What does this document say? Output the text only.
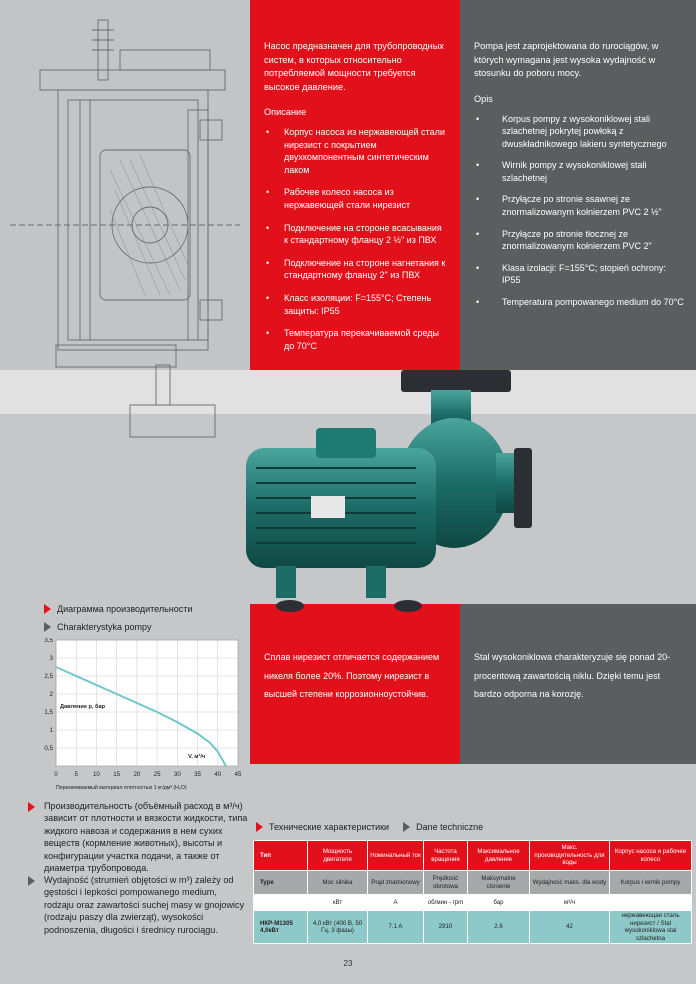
Насос предназначен для трубопроводных систем, в которых относительно потребляемой мощности требуется высокое давление.

Описание

• Корпус насоса из нержавеющей стали нирезист с покрытием двухкомпонентным синтетическим лаком
• Рабочее колесо насоса из нержавеющей стали нирезист
• Подключение на стороне всасывания к стандартному фланцу 2 ½" из ПВХ
• Подключение на стороне нагнетания к стандартному фланцу 2" из ПВХ
• Класс изоляции: F=155°C; Степень защиты: IP55
• Температура перекачиваемой среды до 70°C

Pompa jest zaprojektowana do rurociągów, w których wymagana jest wysoka wydajność w stosunku do poboru mocy.

Opis

• Korpus pompy z wysokoniklowej stali szlachetnej pokrytej powłoką z dwuskładnikowego lakieru syntetycznego
• Wirnik pompy z wysokoniklowej stali szlachetnej
• Przyłącze po stronie ssawnej ze znormalizowanym kołnierzem PVC 2 ½"
• Przyłącze po stronie tłocznej ze znormalizowanym kołnierzem PVC 2"
• Klasa izolacji: F=155°C; stopień ochrony: IP55
• Temperatura pompowanego medium do 70°C

Сплав нирезист отличается содержанием никеля более 20%. Поэтому нирезист в высшей степени коррозионноустойчив.

Stal wysokoniklowa charakteryzuje się ponad 20-procentową zawartością niklu. Dzięki temu jest bardzo odporna na korozję.

Диаграмма производительности
Charakterystyka pompy
0,5
1
1,5
2
2,5
3
3,5
0	5 10 15 20 25 30 35 40 45
Давление р, бар
V, м³/ч
Перекачиваемый материал плотностью 1 кг/дм³ (H₂O)
Производительность (объёмный расход в м³/ч) зависит от плотности и вязкости жидкости, типа жидкого навоза и содержания в нем сухих веществ (кормление животных), высоты и конфигурации участка подачи, а также от диаметра трубопровода.
Wydajność (strumień objętości w m³) zależy od gęstości i lepkości pompowanego medium, rodzaju oraz zawartości suchej masy w gnojowicy (rodzaju paszy dla zwierząt), wysokości podnoszenia, długości i średnicy rurociągu.
Технические характеристики	Dane techniczne
Тип	Мощность двигателя	Номинальный ток	Частота вращения	Максимальное давление	Макс. производительность для воды	Корпус насоса и рабочее колесо
Type	Moc silnika	Prąd znamionowy	Prędkość obrotowa	Maksymalne ciśnienie	Wydajność maks. dla wody	Korpus i wirnik pompy
	кВт	A	об/мин - rpm	бар	м³/ч	
НКР-М1305 4,0кВт	4,0 кВт (400 В, 50 Гц, 3 фазы)	7.1 A	2910	2,6	42	нержавеющая сталь нирезист / Stal wysokoniklowa stal szlachetna
23
